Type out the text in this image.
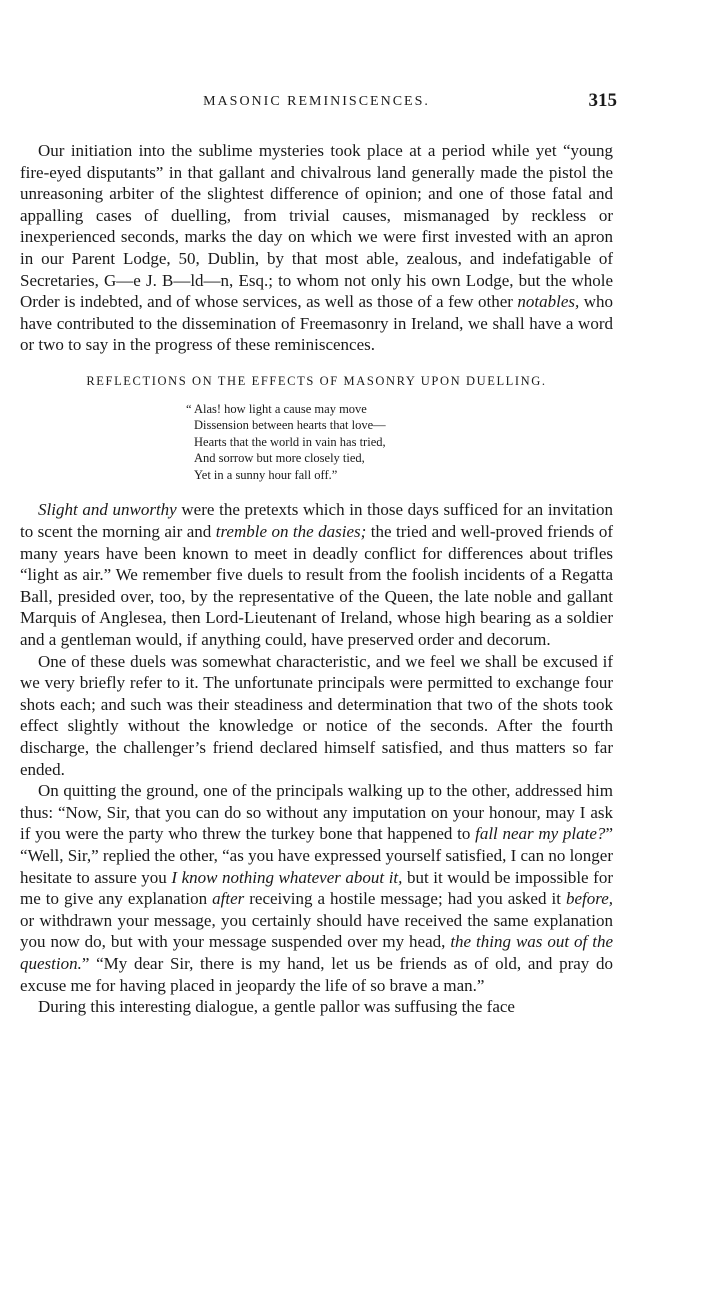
MASONIC REMINISCENCES.	315

Our initiation into the sublime mysteries took place at a period while yet “young fire-eyed disputants” in that gallant and chivalrous land generally made the pistol the unreasoning arbiter of the slightest difference of opinion; and one of those fatal and appalling cases of duelling, from trivial causes, mismanaged by reckless or inexperienced seconds, marks the day on which we were first invested with an apron in our Parent Lodge, 50, Dublin, by that most able, zealous, and indefatigable of Secretaries, G—e J. B—ld—n, Esq.; to whom not only his own Lodge, but the whole Order is indebted, and of whose services, as well as those of a few other notables, who have contributed to the dissemination of Freemasonry in Ireland, we shall have a word or two to say in the progress of these reminiscences.

REFLECTIONS ON THE EFFECTS OF MASONRY UPON DUELLING.
“ Alas! how light a cause may move
Dissension between hearts that love—
Hearts that the world in vain has tried,
And sorrow but more closely tied,
Yet in a sunny hour fall off.”

Slight and unworthy were the pretexts which in those days sufficed for an invitation to scent the morning air and tremble on the dasies; the tried and well-proved friends of many years have been known to meet in deadly conflict for differences about trifles “light as air.” We remember five duels to result from the foolish incidents of a Regatta Ball, presided over, too, by the representative of the Queen, the late noble and gallant Marquis of Anglesea, then Lord-Lieutenant of Ireland, whose high bearing as a soldier and a gentleman would, if anything could, have preserved order and decorum.

One of these duels was somewhat characteristic, and we feel we shall be excused if we very briefly refer to it. The unfortunate principals were permitted to exchange four shots each; and such was their steadiness and determination that two of the shots took effect slightly without the knowledge or notice of the seconds. After the fourth discharge, the challenger’s friend declared himself satisfied, and thus matters so far ended.

On quitting the ground, one of the principals walking up to the other, addressed him thus: “Now, Sir, that you can do so without any imputation on your honour, may I ask if you were the party who threw the turkey bone that happened to fall near my plate?” “Well, Sir,” replied the other, “as you have expressed yourself satisfied, I can no longer hesitate to assure you I know nothing whatever about it, but it would be impossible for me to give any explanation after receiving a hostile message; had you asked it before, or withdrawn your message, you certainly should have received the same explanation you now do, but with your message suspended over my head, the thing was out of the question.” “My dear Sir, there is my hand, let us be friends as of old, and pray do excuse me for having placed in jeopardy the life of so brave a man.”

During this interesting dialogue, a gentle pallor was suffusing the face
